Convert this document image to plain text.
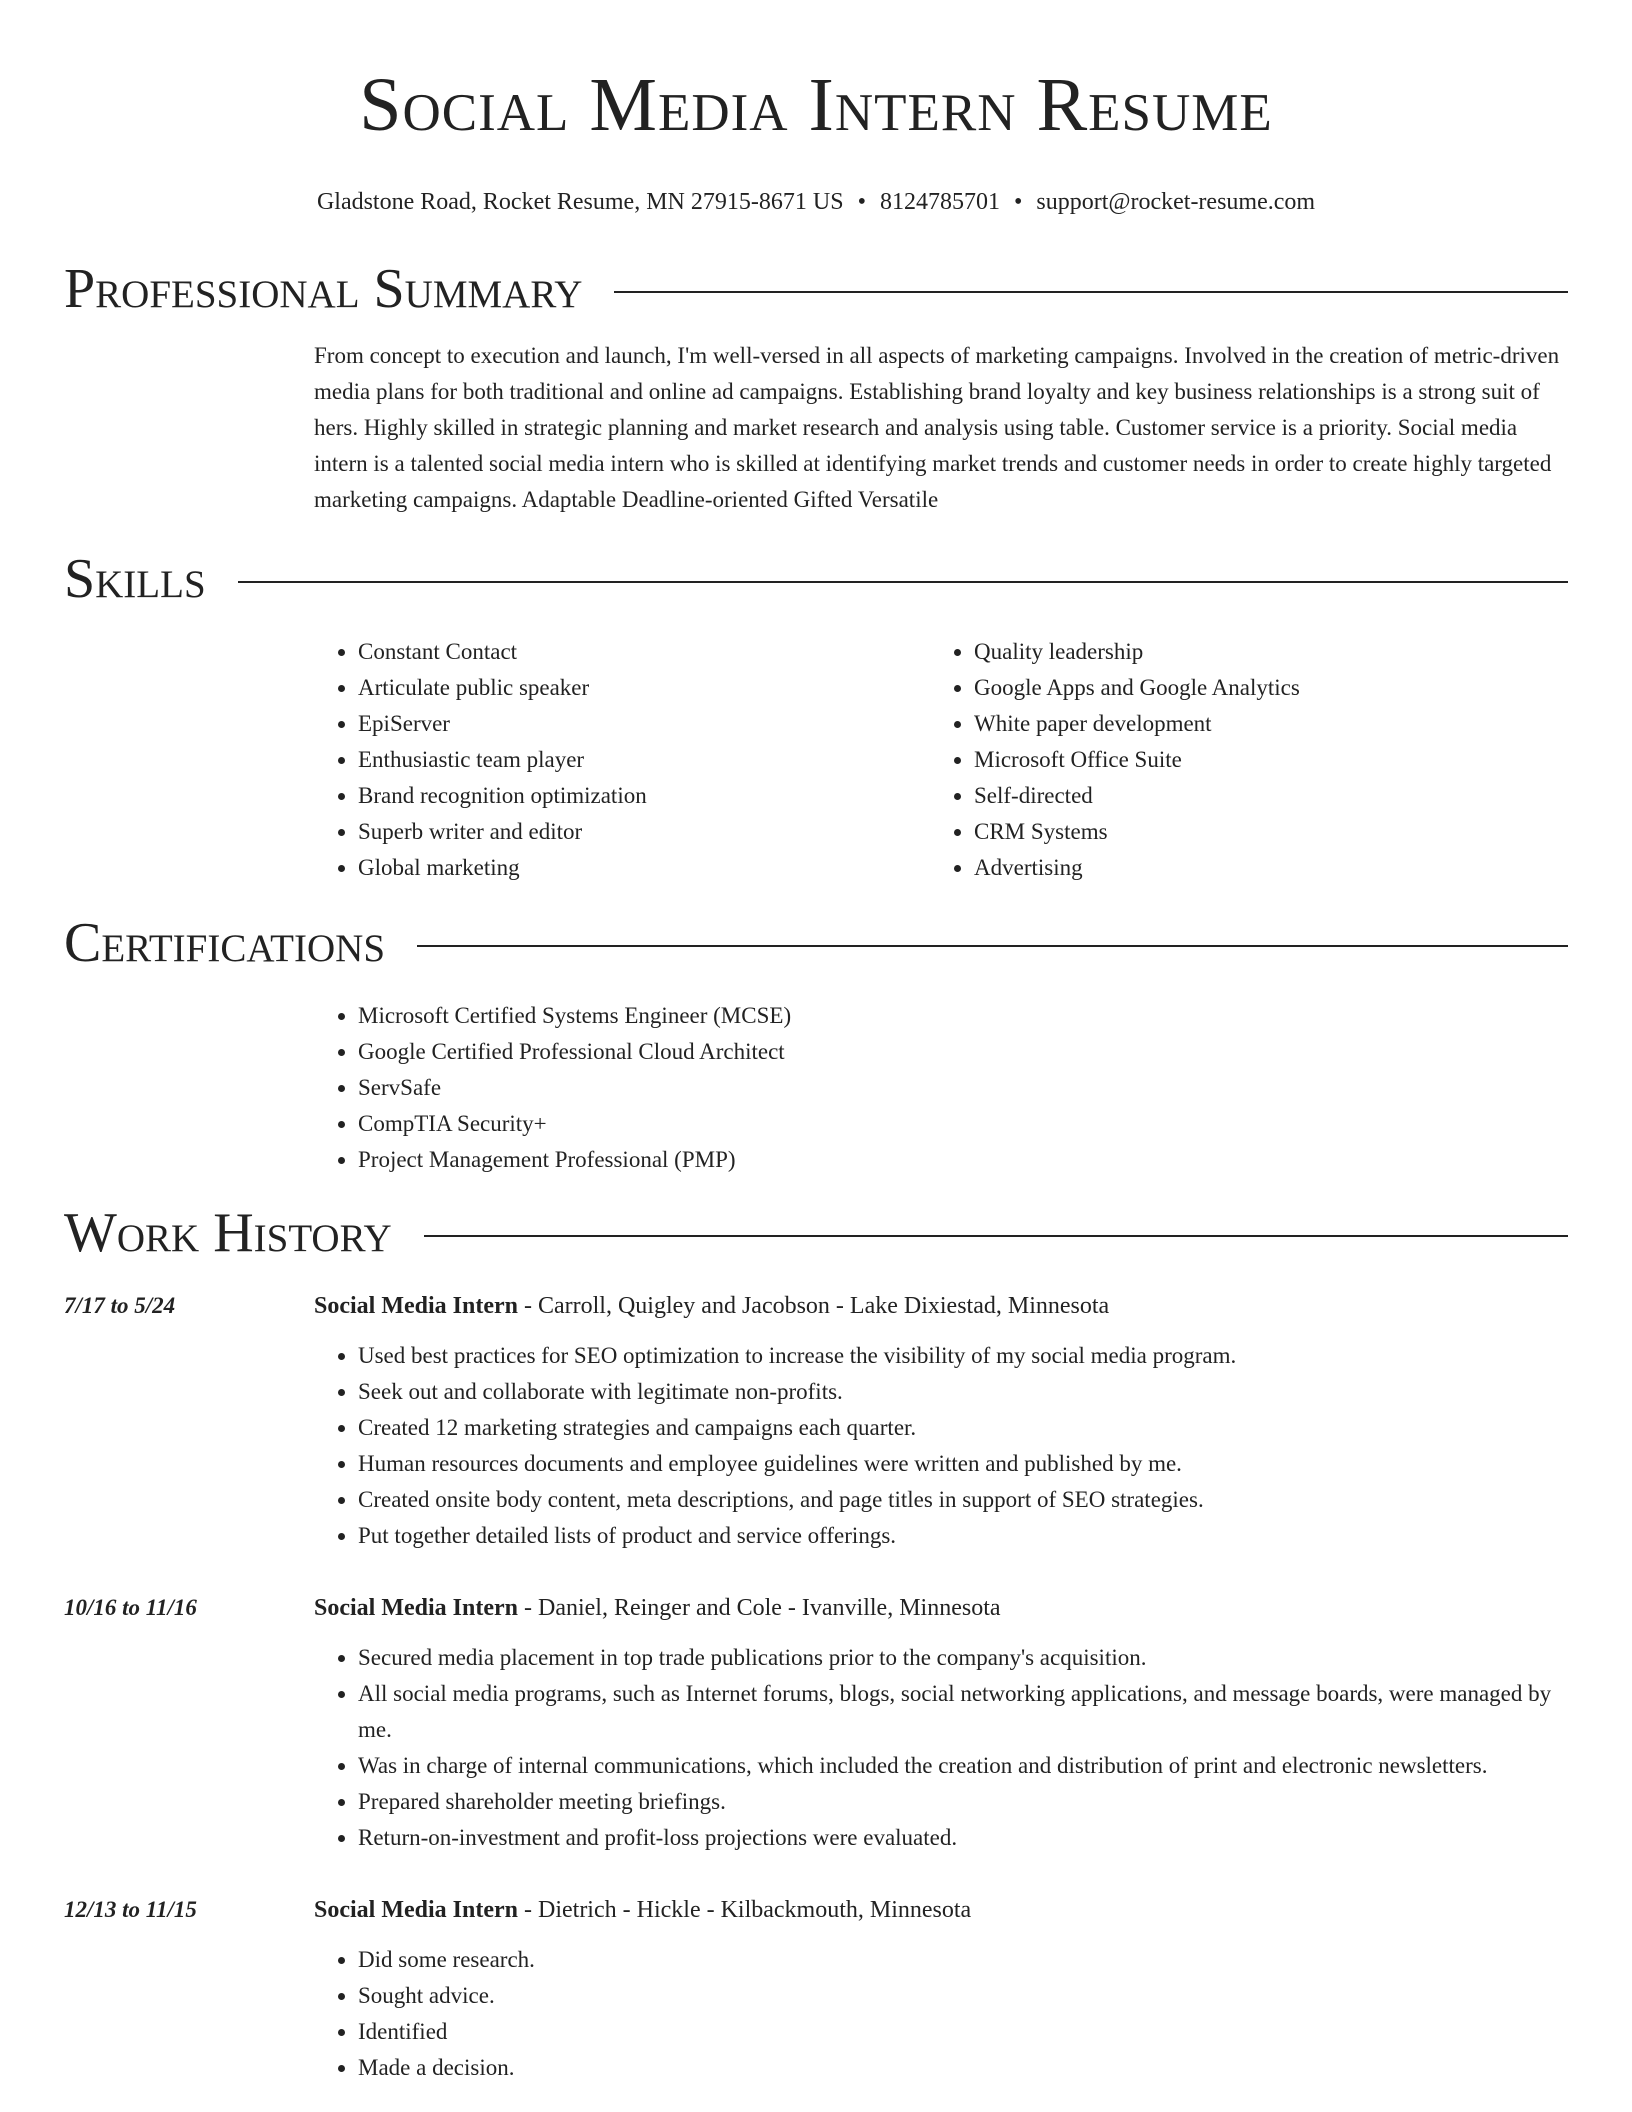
Social Media Intern Resume
Gladstone Road, Rocket Resume, MN 27915-8671 US • 8124785701 • support@rocket-resume.com
Professional Summary
From concept to execution and launch, I'm well-versed in all aspects of marketing campaigns. Involved in the creation of metric-driven media plans for both traditional and online ad campaigns. Establishing brand loyalty and key business relationships is a strong suit of hers. Highly skilled in strategic planning and market research and analysis using table. Customer service is a priority. Social media intern is a talented social media intern who is skilled at identifying market trends and customer needs in order to create highly targeted marketing campaigns. Adaptable Deadline-oriented Gifted Versatile
Skills
• Constant Contact
• Articulate public speaker
• EpiServer
• Enthusiastic team player
• Brand recognition optimization
• Superb writer and editor
• Global marketing
• Quality leadership
• Google Apps and Google Analytics
• White paper development
• Microsoft Office Suite
• Self-directed
• CRM Systems
• Advertising
Certifications
• Microsoft Certified Systems Engineer (MCSE)
• Google Certified Professional Cloud Architect
• ServSafe
• CompTIA Security+
• Project Management Professional (PMP)
Work History
7/17 to 5/24	Social Media Intern - Carroll, Quigley and Jacobson - Lake Dixiestad, Minnesota
• Used best practices for SEO optimization to increase the visibility of my social media program.
• Seek out and collaborate with legitimate non-profits.
• Created 12 marketing strategies and campaigns each quarter.
• Human resources documents and employee guidelines were written and published by me.
• Created onsite body content, meta descriptions, and page titles in support of SEO strategies.
• Put together detailed lists of product and service offerings.
10/16 to 11/16	Social Media Intern - Daniel, Reinger and Cole - Ivanville, Minnesota
• Secured media placement in top trade publications prior to the company's acquisition.
• All social media programs, such as Internet forums, blogs, social networking applications, and message boards, were managed by me.
• Was in charge of internal communications, which included the creation and distribution of print and electronic newsletters.
• Prepared shareholder meeting briefings.
• Return-on-investment and profit-loss projections were evaluated.
12/13 to 11/15	Social Media Intern - Dietrich - Hickle - Kilbackmouth, Minnesota
• Did some research.
• Sought advice.
• Identified
• Made a decision.
